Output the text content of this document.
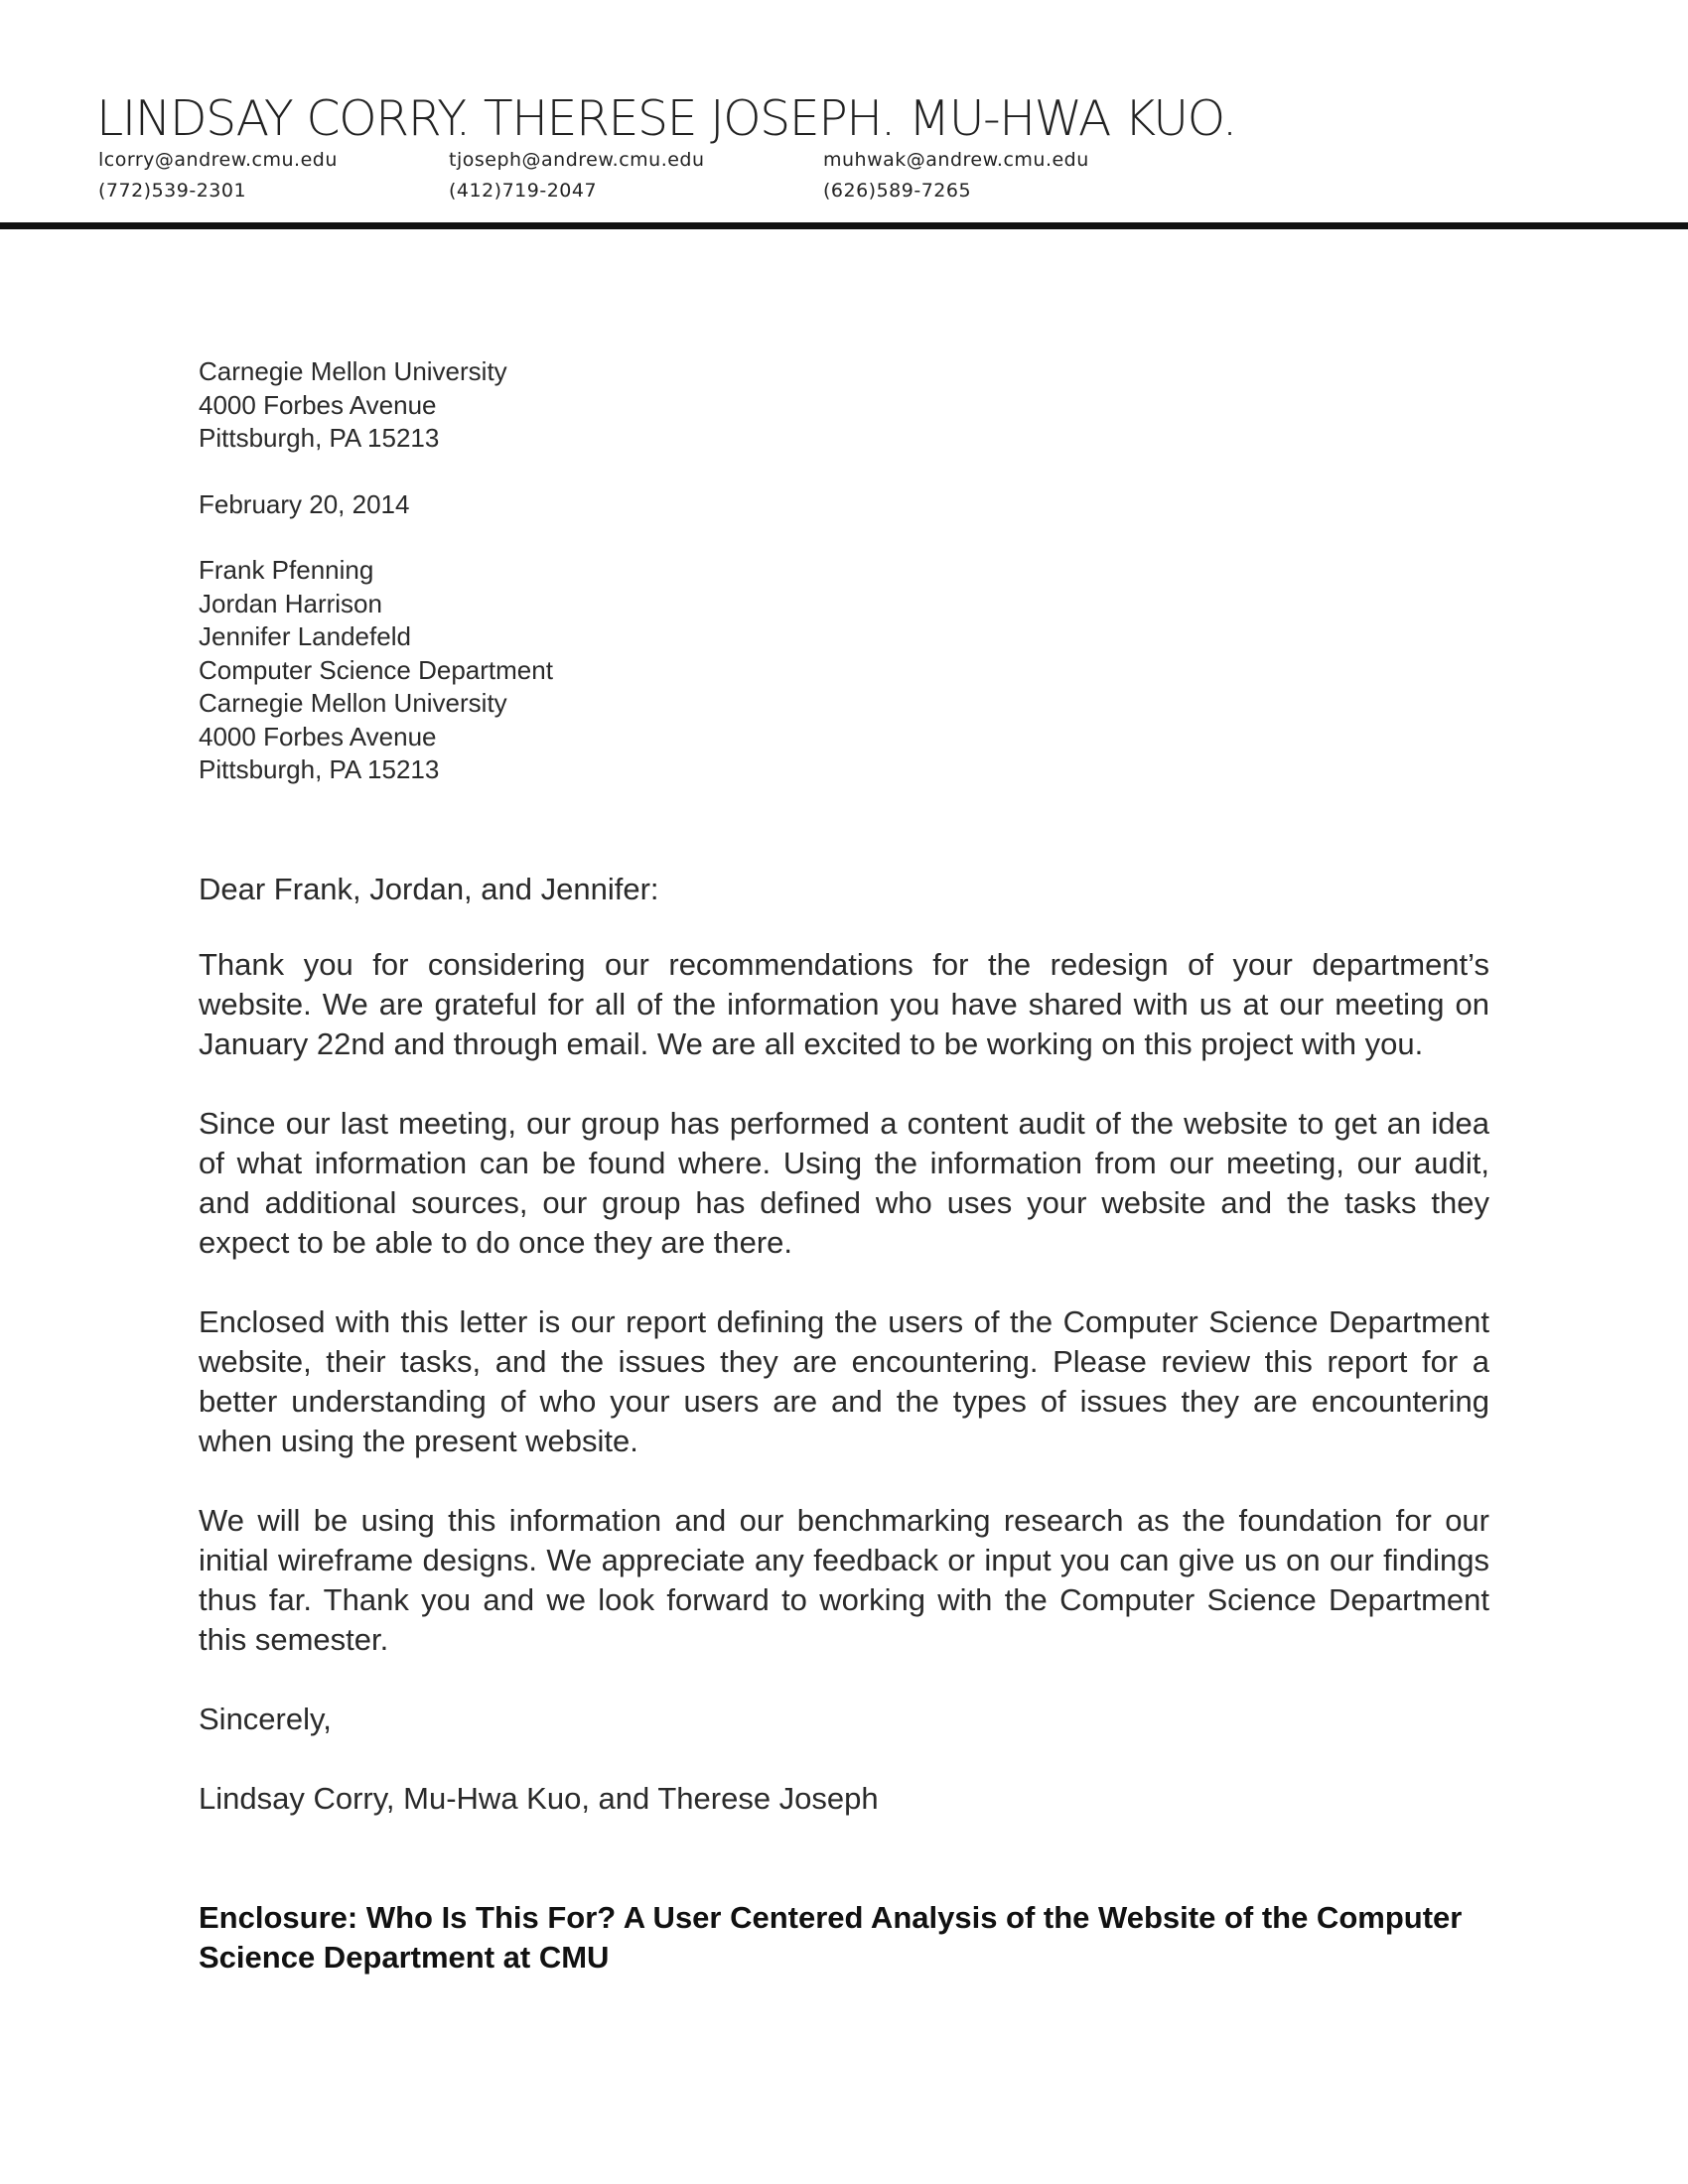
LINDSAY CORRY. THERESE JOSEPH. MU-HWA KUO.
lcorry@andrew.cmu.edu
(772)539-2301
tjoseph@andrew.cmu.edu
(412)719-2047
muhwak@andrew.cmu.edu
(626)589-7265
Carnegie Mellon University
4000 Forbes Avenue
Pittsburgh, PA 15213
February 20, 2014
Frank Pfenning
Jordan Harrison
Jennifer Landefeld
Computer Science Department
Carnegie Mellon University
4000 Forbes Avenue
Pittsburgh, PA 15213
Dear Frank, Jordan, and Jennifer:

Thank you for considering our recommendations for the redesign of your department’s website. We are grateful for all of the information you have shared with us at our meeting on January 22nd and through email. We are all excited to be working on this project with you.

Since our last meeting, our group has performed a content audit of the website to get an idea of what information can be found where. Using the information from our meeting, our audit, and additional sources, our group has defined who uses your website and the tasks they expect to be able to do once they are there.

Enclosed with this letter is our report defining the users of the Computer Science Department website, their tasks, and the issues they are encountering. Please review this report for a better understanding of who your users are and the types of issues they are encountering when using the present website.

We will be using this information and our benchmarking research as the foundation for our initial wireframe designs. We appreciate any feedback or input you can give us on our findings thus far. Thank you and we look forward to working with the Computer Science Department this semester.

Sincerely,
Lindsay Corry, Mu-Hwa Kuo, and Therese Joseph

Enclosure: Who Is This For? A User Centered Analysis of the Website of the Computer Science Department at CMU
